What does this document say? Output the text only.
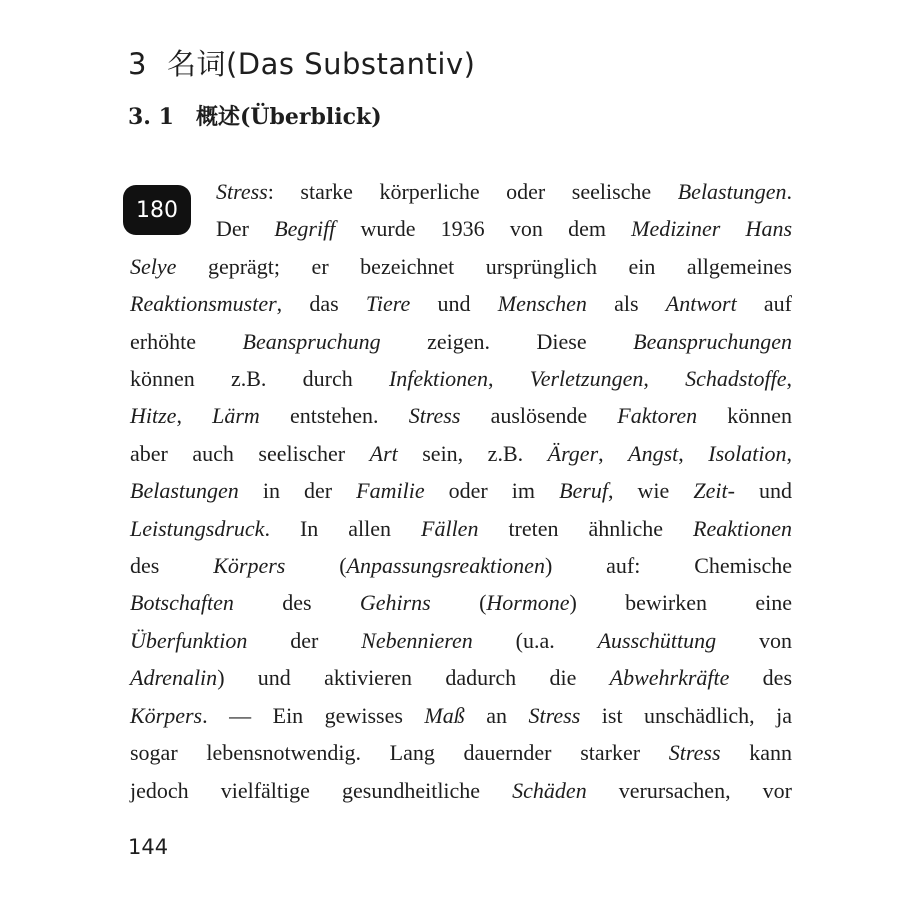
3 名词(Das Substantiv)
3. 1 概述(Überblick)
180
Stress: starke körperliche oder seelische Belastungen.
Der Begriff wurde 1936 von dem Mediziner Hans
Selye geprägt; er bezeichnet ursprünglich ein allgemeines
Reaktionsmuster, das Tiere und Menschen als Antwort auf
erhöhte Beanspruchung zeigen. Diese Beanspruchungen
können z.B. durch Infektionen, Verletzungen, Schadstoffe,
Hitze, Lärm entstehen. Stress auslösende Faktoren können
aber auch seelischer Art sein, z.B. Ärger, Angst, Isolation,
Belastungen in der Familie oder im Beruf, wie Zeit- und
Leistungsdruck. In allen Fällen treten ähnliche Reaktionen
des Körpers (Anpassungsreaktionen) auf: Chemische
Botschaften des Gehirns (Hormone) bewirken eine
Überfunktion der Nebennieren (u.a. Ausschüttung von
Adrenalin) und aktivieren dadurch die Abwehrkräfte des
Körpers. — Ein gewisses Maß an Stress ist unschädlich, ja
sogar lebensnotwendig. Lang dauernder starker Stress kann
jedoch vielfältige gesundheitliche Schäden verursachen, vor
144
